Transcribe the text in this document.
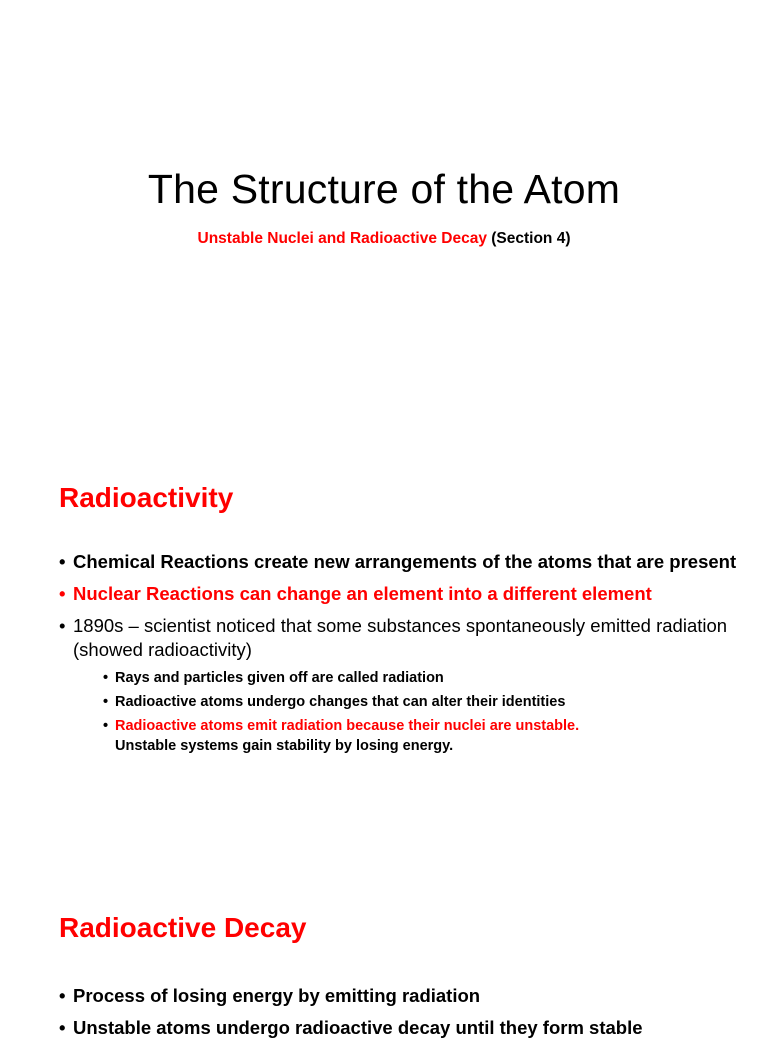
The Structure of the Atom
Unstable Nuclei and Radioactive Decay (Section 4)
Radioactivity
• Chemical Reactions create new arrangements of the atoms that are present
• Nuclear Reactions can change an element into a different element
• 1890s – scientist noticed that some substances spontaneously emitted radiation (showed radioactivity)
• Rays and particles given off are called radiation
• Radioactive atoms undergo changes that can alter their identities
• Radioactive atoms emit radiation because their nuclei are unstable.
Unstable systems gain stability by losing energy.
Radioactive Decay
• Process of losing energy by emitting radiation
• Unstable atoms undergo radioactive decay until they form stable
